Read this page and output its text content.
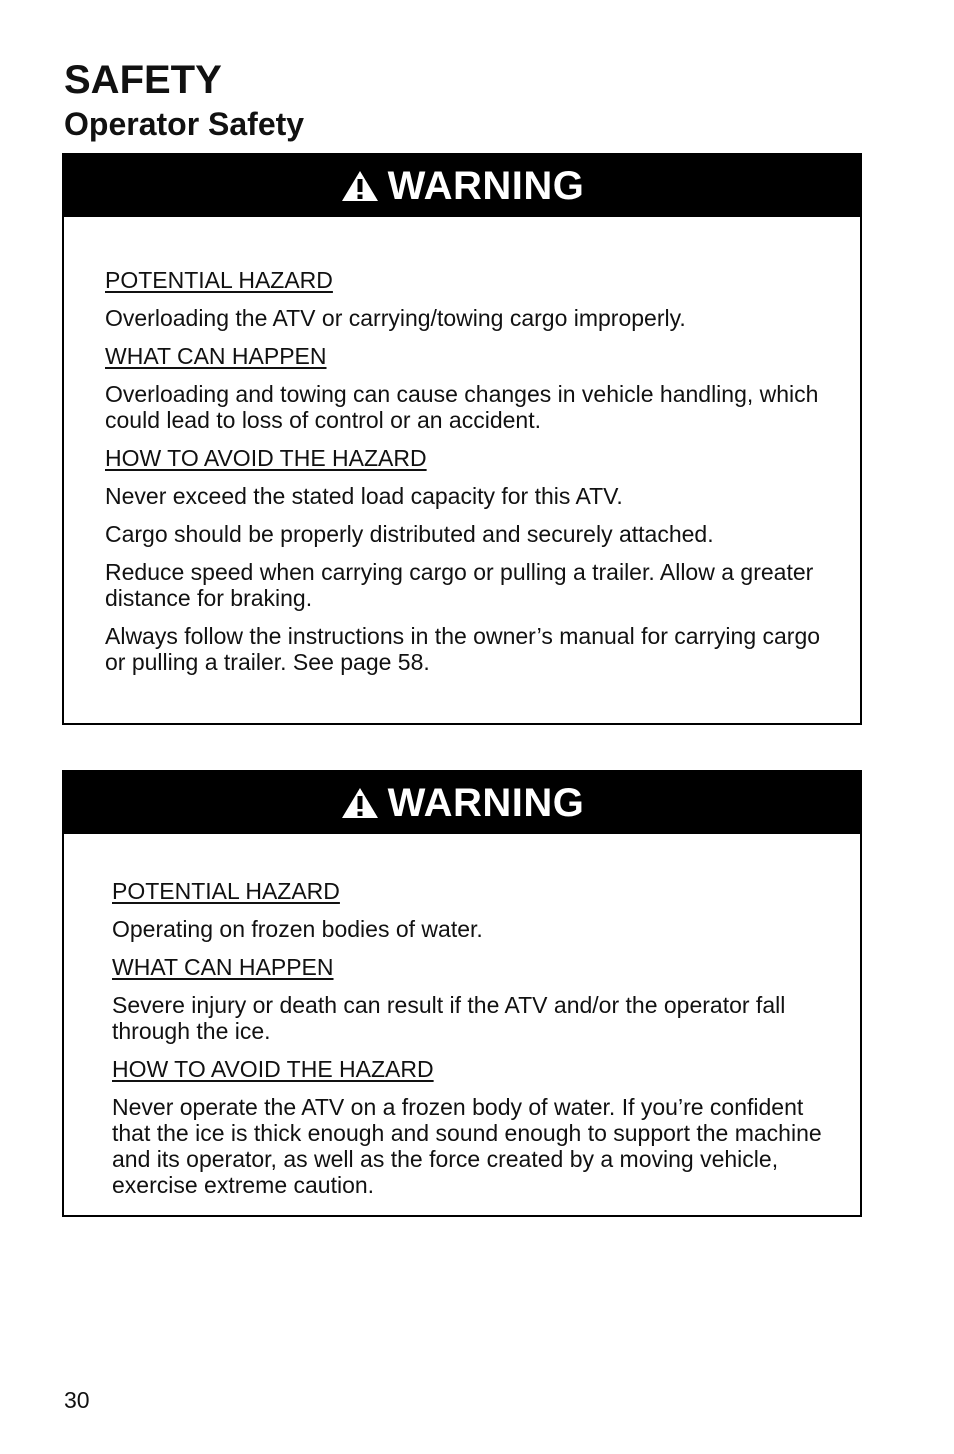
SAFETY
Operator Safety
WARNING

POTENTIAL HAZARD

Overloading the ATV or carrying/towing cargo improperly.

WHAT CAN HAPPEN

Overloading and towing can cause changes in vehicle handling, which could lead to loss of control or an accident.

HOW TO AVOID THE HAZARD

Never exceed the stated load capacity for this ATV.

Cargo should be properly distributed and securely attached.

Reduce speed when carrying cargo or pulling a trailer. Allow a greater distance for braking.

Always follow the instructions in the owner’s manual for carrying cargo or pulling a trailer. See page 58.

WARNING

POTENTIAL HAZARD

Operating on frozen bodies of water.

WHAT CAN HAPPEN

Severe injury or death can result if the ATV and/or the operator fall through the ice.

HOW TO AVOID THE HAZARD

Never operate the ATV on a frozen body of water. If you’re confident that the ice is thick enough and sound enough to support the machine and its operator, as well as the force created by a moving vehicle, exercise extreme caution.

30
